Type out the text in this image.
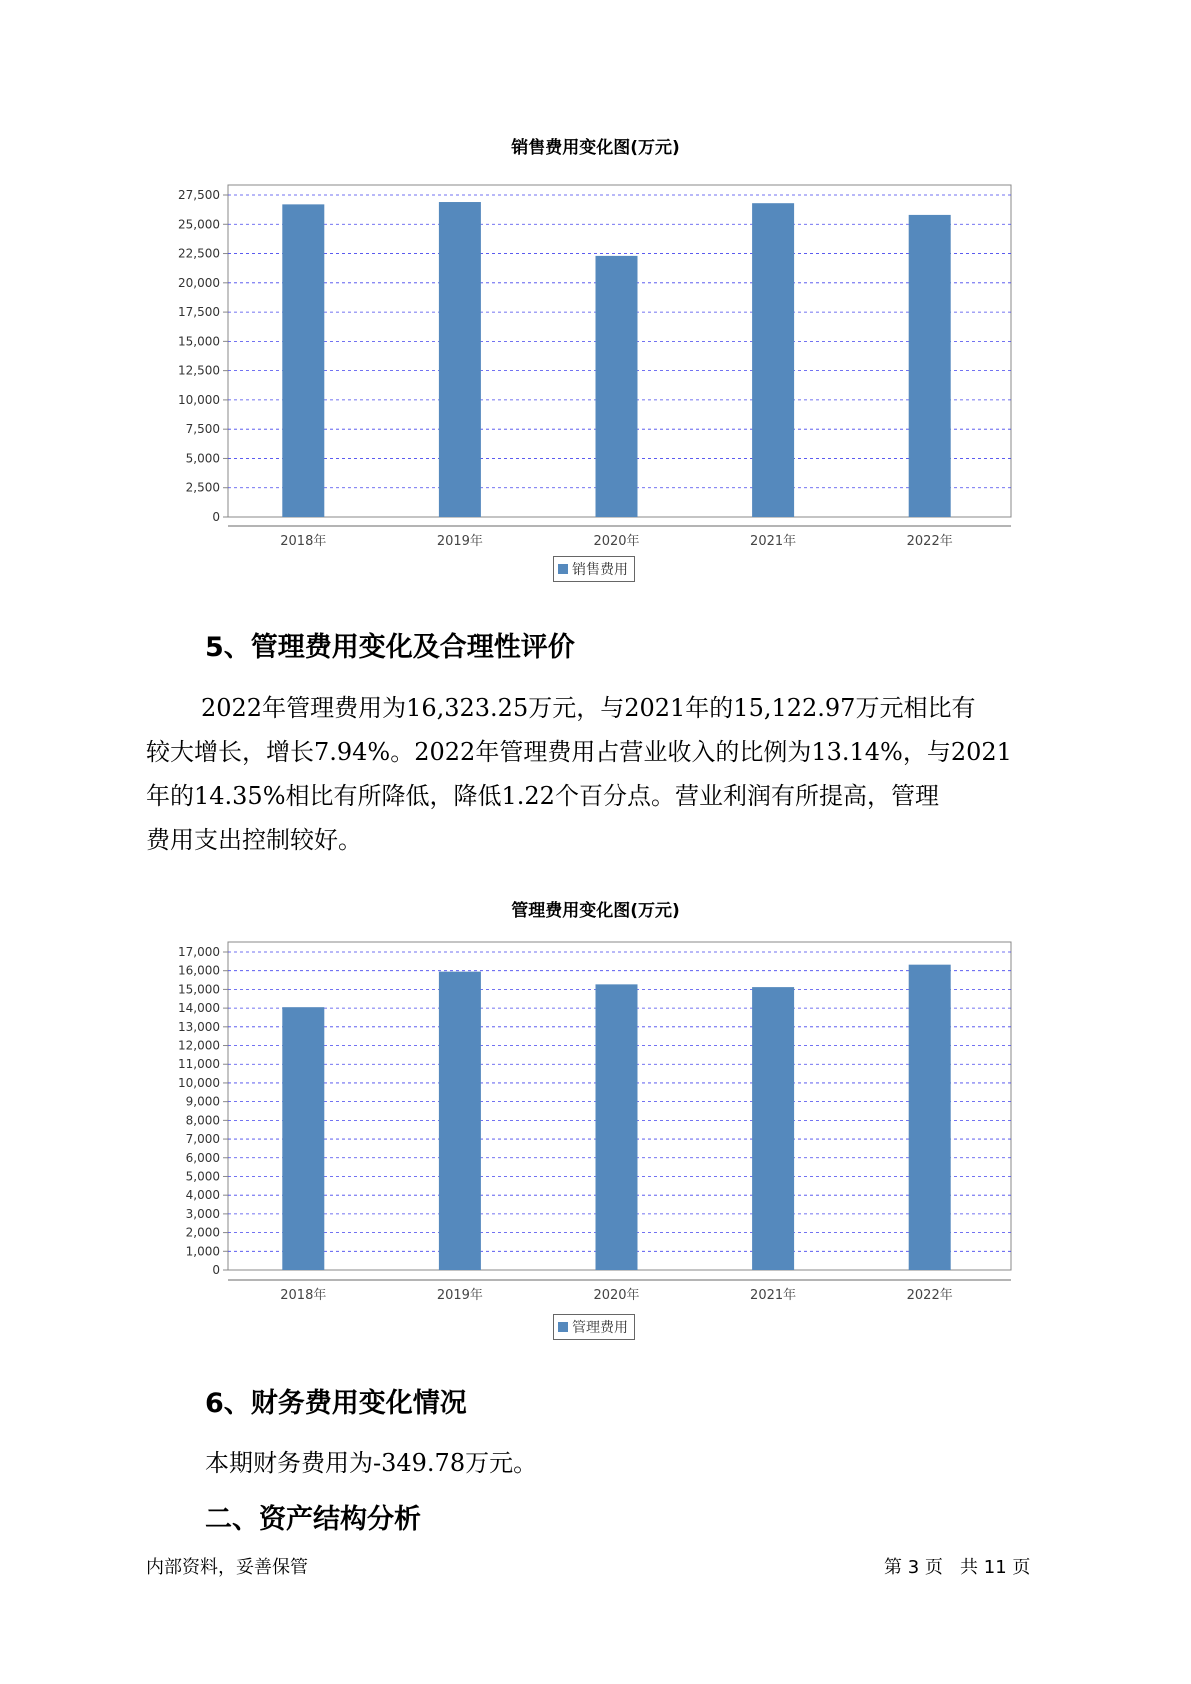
销售费用变化图(万元)
0
2,500
5,000
7,500
10,000
12,500
15,000
17,500
20,000
22,500
25,000
27,500
2018年	2019年	2020年	2021年	2022年
销售费用
5、管理费用变化及合理性评价
2022年管理费用为16,323.25万元，与2021年的15,122.97万元相比有
较大增长，增长7.94%。2022年管理费用占营业收入的比例为13.14%，与2021
年的14.35%相比有所降低，降低1.22个百分点。营业利润有所提高，管理
费用支出控制较好。
管理费用变化图(万元)
0
1,000
2,000
3,000
4,000
5,000
6,000
7,000
8,000
9,000
10,000
11,000
12,000
13,000
14,000
15,000
16,000
17,000
2018年	2019年	2020年	2021年	2022年
管理费用
6、财务费用变化情况

本期财务费用为-349.78万元。

二、资产结构分析
内部资料，妥善保管	第 3 页   共 11 页
